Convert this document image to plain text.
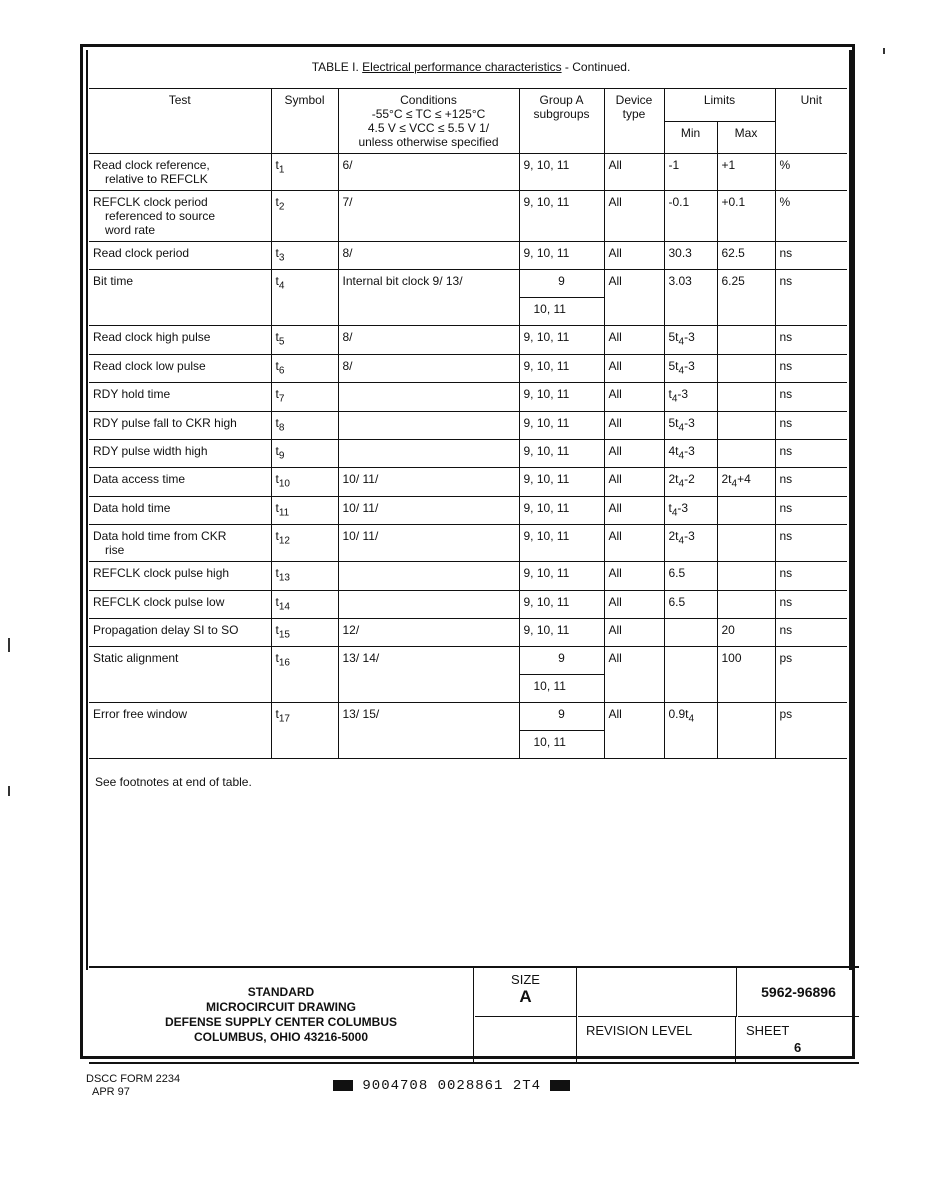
TABLE I. Electrical performance characteristics - Continued.
Test	Symbol	Conditions
-55°C ≤ TC ≤ +125°C
4.5 V ≤ VCC ≤ 5.5 V 1/
unless otherwise specified	Group A subgroups	Device type	Limits		Unit
					Min	Max	
Read clock reference,
relative to REFCLK	$t_1$	6/	9, 10, 11	All	-1	+1	%
REFCLK clock period
referenced to source
word rate	$t_2$	7/	9, 10, 11	All	-0.1	+0.1	%
Read clock period	$t_3$	8/	9, 10, 11	All	30.3	62.5	ns
Bit time	$t_4$	Internal bit clock 9/ 13/	9
10, 11	All	3.03	6.25	ns
Read clock high pulse	$t_5$	8/	9, 10, 11	All	$5t_4-3$		ns
Read clock low pulse	$t_6$	8/	9, 10, 11	All	$5t_4-3$		ns
RDY hold time	$t_7$		9, 10, 11	All	$t_4-3$		ns
RDY pulse fall to CKR high	$t_8$		9, 10, 11	All	$5t_4-3$		ns
RDY pulse width high	$t_9$		9, 10, 11	All	$4t_4-3$		ns
Data access time	$t_{10}$	10/ 11/	9, 10, 11	All	$2t_4-2$	$2t_4+4$	ns
Data hold time	$t_{11}$	10/ 11/	9, 10, 11	All	$t_4-3$		ns
Data hold time from CKR
rise	$t_{12}$	10/ 11/	9, 10, 11	All	$2t_4-3$		ns
REFCLK clock pulse high	$t_{13}$		9, 10, 11	All	6.5		ns
REFCLK clock pulse low	$t_{14}$		9, 10, 11	All	6.5		ns
Propagation delay SI to SO	$t_{15}$	12/	9, 10, 11	All		20	ns
Static alignment	$t_{16}$	13/ 14/	9
10, 11	All		100	ps
Error free window	$t_{17}$	13/ 15/	9
10, 11	All	$0.9t_4$		ps
See footnotes at end of table.
STANDARD
MICROCIRCUIT DRAWING
DEFENSE SUPPLY CENTER COLUMBUS
COLUMBUS, OHIO 43216-5000
SIZE
A	5962-96896
REVISION LEVEL	SHEET
6
DSCC FORM 2234
APR 97	9004708 0028861 2T4
